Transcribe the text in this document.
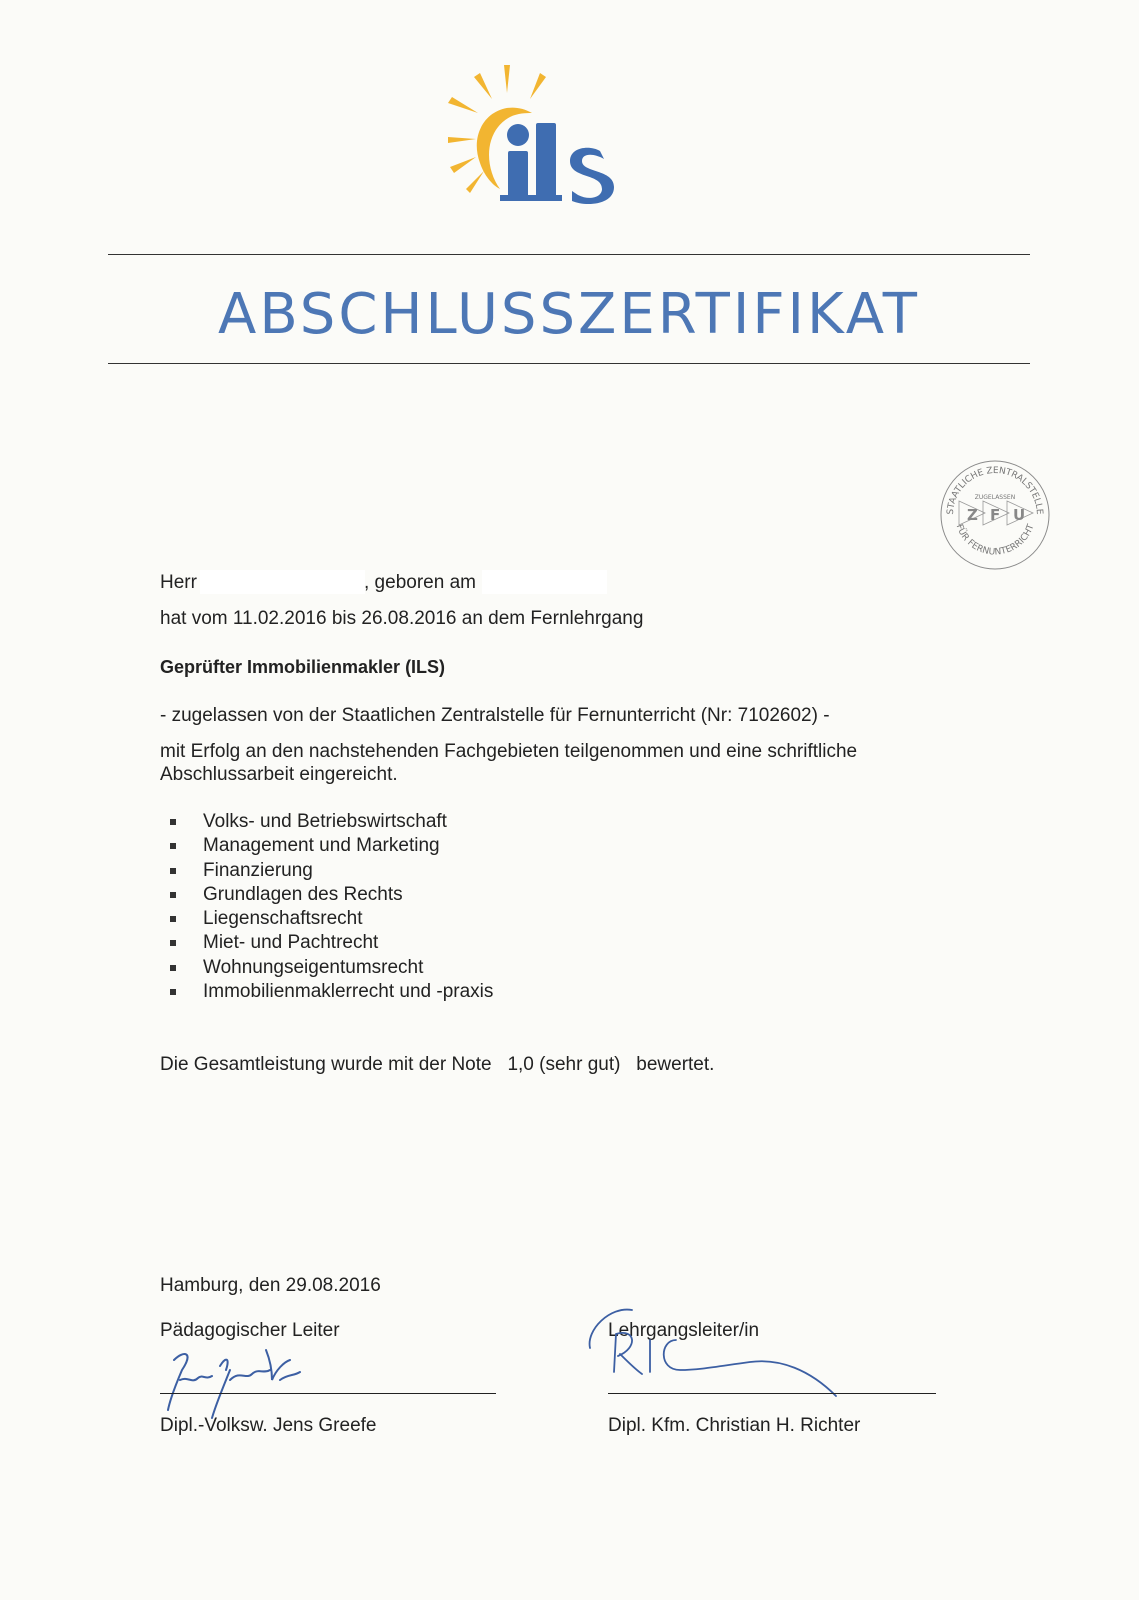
ABSCHLUSSZERTIFIKAT
STAATLICHE ZENTRALSTELLE
FÜR FERNUNTERRICHT
ZUGELASSEN
Z F U
Herr	, geboren am
hat vom 11.02.2016 bis 26.08.2016 an dem Fernlehrgang
Geprüfter Immobilienmakler (ILS)
- zugelassen von der Staatlichen Zentralstelle für Fernunterricht (Nr: 7102602) -
mit Erfolg an den nachstehenden Fachgebieten teilgenommen und eine schriftliche
Abschlussarbeit eingereicht.
Volks- und Betriebswirtschaft
Management und Marketing
Finanzierung
Grundlagen des Rechts
Liegenschaftsrecht
Miet- und Pachtrecht
Wohnungseigentumsrecht
Immobilienmaklerrecht und -praxis
Die Gesamtleistung wurde mit der Note 1,0 (sehr gut) bewertet.
Hamburg, den 29.08.2016
Pädagogischer Leiter	Lehrgangsleiter/in
Dipl.-Volksw. Jens Greefe	Dipl. Kfm. Christian H. Richter
